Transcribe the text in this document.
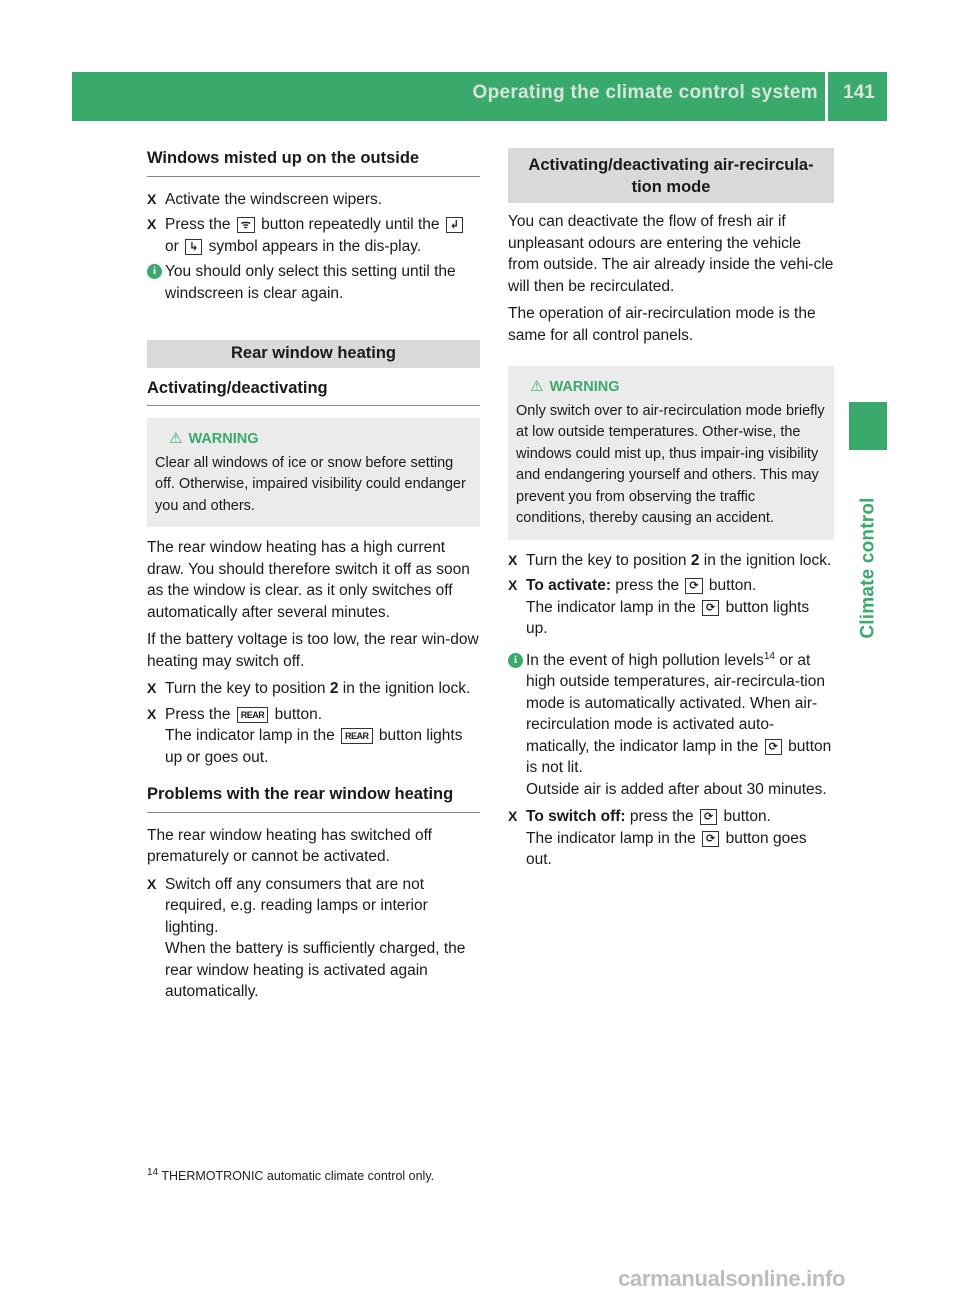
Operating the climate control system	141
Climate control
Windows misted up on the outside
X Activate the windscreen wipers.
X Press the ᯤ button repeatedly until the ↲ or ↳ symbol appears in the dis-play.
i You should only select this setting until the windscreen is clear again.
Rear window heating
Activating/deactivating
⚠ WARNING
Clear all windows of ice or snow before setting off. Otherwise, impaired visibility could endanger you and others.

The rear window heating has a high current draw. You should therefore switch it off as soon as the window is clear. as it only switches off automatically after several minutes.

If the battery voltage is too low, the rear win-dow heating may switch off.

X Turn the key to position 2 in the ignition lock.
X Press the REAR button.
The indicator lamp in the REAR button lights up or goes out.
Problems with the rear window heating

The rear window heating has switched off prematurely or cannot be activated.

X Switch off any consumers that are not required, e.g. reading lamps or interior lighting.
When the battery is sufficiently charged, the rear window heating is activated again automatically.
Activating/deactivating air-recircula-tion mode

You can deactivate the flow of fresh air if unpleasant odours are entering the vehicle from outside. The air already inside the vehi-cle will then be recirculated.

The operation of air-recirculation mode is the same for all control panels.

⚠ WARNING
Only switch over to air-recirculation mode briefly at low outside temperatures. Other-wise, the windows could mist up, thus impair-ing visibility and endangering yourself and others. This may prevent you from observing the traffic conditions, thereby causing an accident.
X Turn the key to position 2 in the ignition lock.
X To activate: press the ⟳ button.
The indicator lamp in the ⟳ button lights up.
i In the event of high pollution levels$^{14}$ or at high outside temperatures, air-recircula-tion mode is automatically activated. When air-recirculation mode is activated auto-matically, the indicator lamp in the ⟳ button is not lit.
Outside air is added after about 30 minutes.
X To switch off: press the ⟳ button.
The indicator lamp in the ⟳ button goes out.
$^{14}$ THERMOTRONIC automatic climate control only.
carmanualsonline.info
